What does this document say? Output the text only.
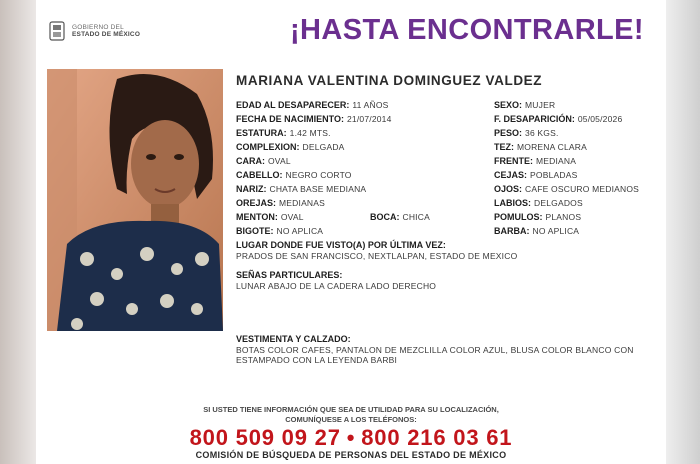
GOBIERNO DEL
ESTADO DE MÉXICO	¡HASTA ENCONTRARLE!
MARIANA VALENTINA DOMINGUEZ VALDEZ
EDAD AL DESAPARECER: 11 AÑOS	SEXO: MUJER
FECHA DE NACIMIENTO: 21/07/2014	F. DESAPARICIÓN: 05/05/2026
ESTATURA: 1.42 MTS.	PESO: 36 KGS.
COMPLEXION: DELGADA	TEZ: MORENA CLARA
CARA: OVAL	FRENTE: MEDIANA
CABELLO: NEGRO CORTO	CEJAS: POBLADAS
NARIZ: CHATA BASE MEDIANA	OJOS: CAFE OSCURO MEDIANOS
OREJAS: MEDIANAS	LABIOS: DELGADOS
MENTON: OVAL	BOCA: CHICA	POMULOS: PLANOS
BIGOTE: NO APLICA	BARBA: NO APLICA
LUGAR DONDE FUE VISTO(A) POR ÚLTIMA VEZ:
PRADOS DE SAN FRANCISCO, NEXTLALPAN, ESTADO DE MEXICO
SEÑAS PARTICULARES:
LUNAR ABAJO DE LA CADERA LADO DERECHO
VESTIMENTA Y CALZADO:
BOTAS COLOR CAFES, PANTALON DE MEZCLILLA COLOR AZUL, BLUSA COLOR BLANCO CON
ESTAMPADO CON LA LEYENDA BARBI
SI USTED TIENE INFORMACIÓN QUE SEA DE UTILIDAD PARA SU LOCALIZACIÓN,
COMUNÍQUESE A LOS TELÉFONOS:
800 509 09 27 • 800 216 03 61
COMISIÓN DE BÚSQUEDA DE PERSONAS DEL ESTADO DE MÉXICO
